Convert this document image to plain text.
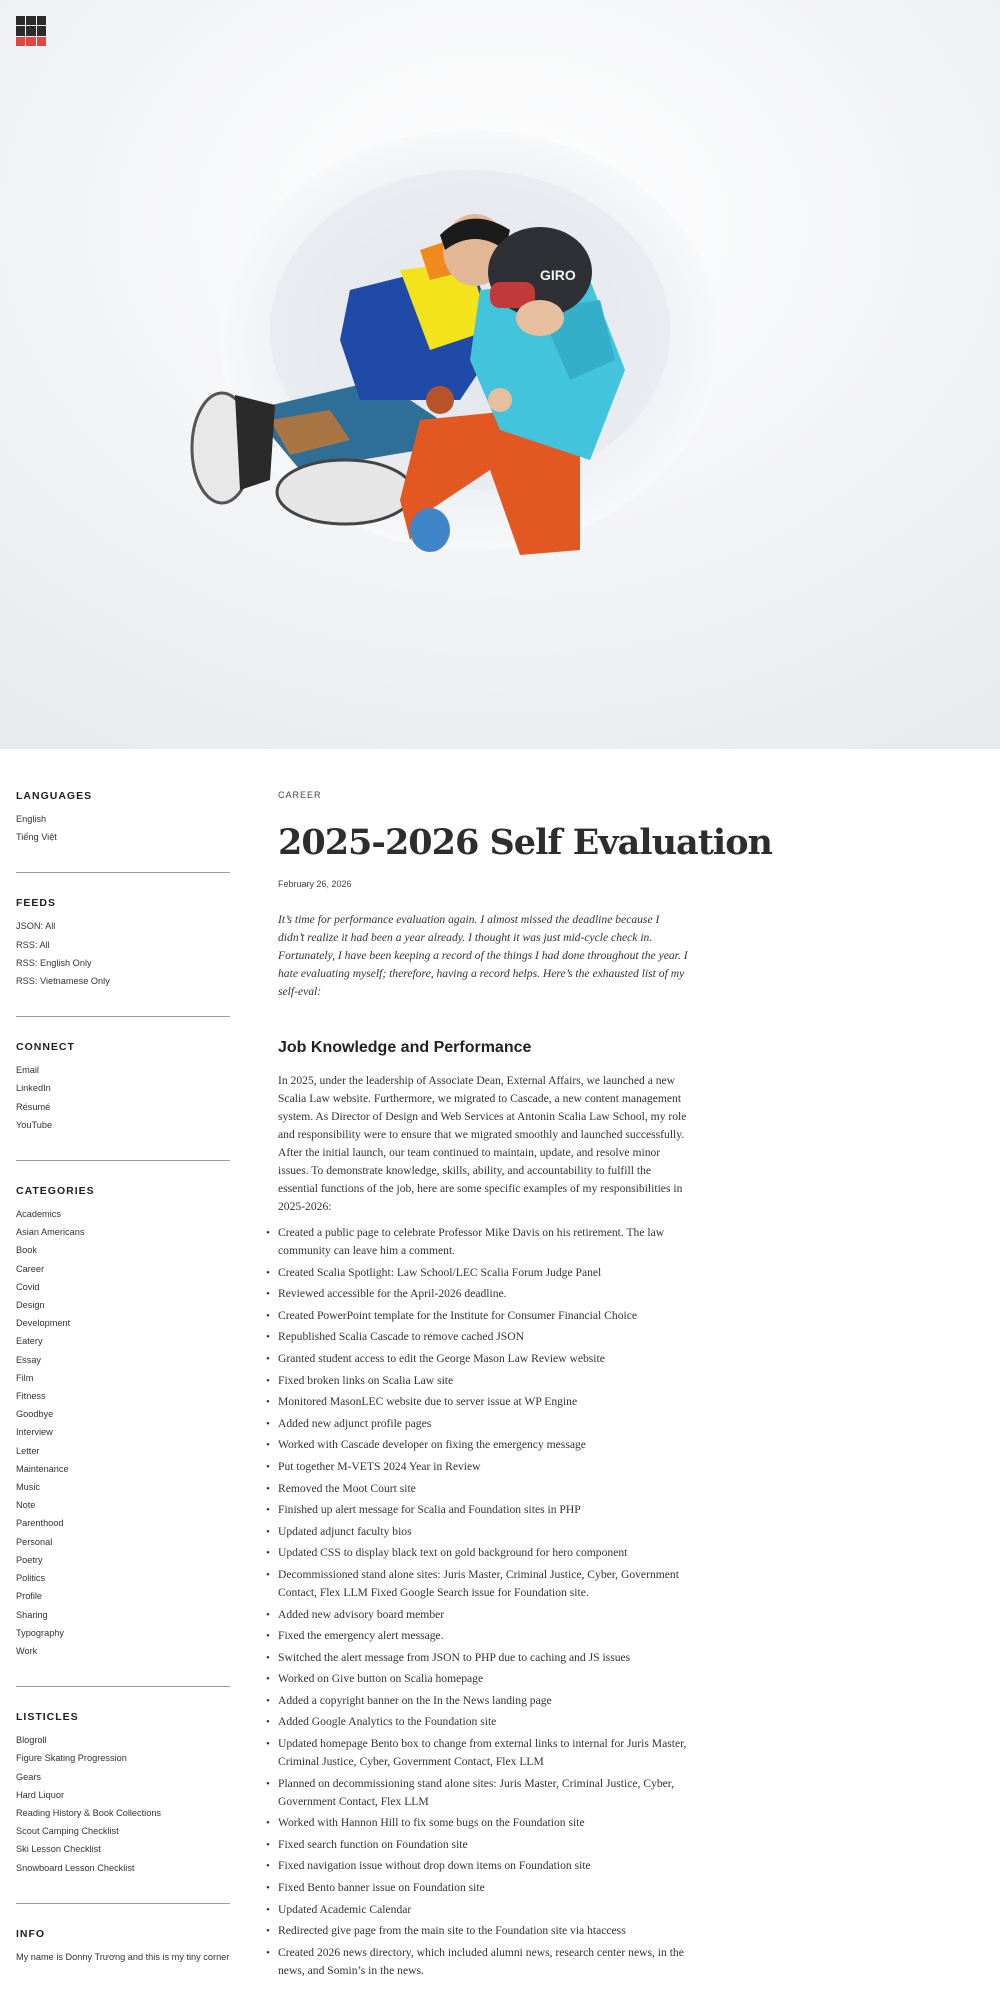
GIRO
LANGUAGES
English
Tiếng Việt
FEEDS
JSON: All
RSS: All
RSS: English Only
RSS: Vietnamese Only
CONNECT
Email
LinkedIn
Résumé
YouTube
CATEGORIES
Academics
Asian Americans
Book
Career
Covid
Design
Development
Eatery
Essay
Film
Fitness
Goodbye
Interview
Letter
Maintenance
Music
Note
Parenthood
Personal
Poetry
Politics
Profile
Sharing
Typography
Work
LISTICLES
Blogroll
Figure Skating Progression
Gears
Hard Liquor
Reading History & Book Collections
Scout Camping Checklist
Ski Lesson Checklist
Snowboard Lesson Checklist
INFO
My name is Donny Trương and this is my tiny corner
CAREER
2025-2026 Self Evaluation
February 26, 2026

It’s time for performance evaluation again. I almost missed the deadline because I didn’t realize it had been a year already. I thought it was just mid-cycle check in. Fortunately, I have been keeping a record of the things I had done throughout the year. I hate evaluating myself; therefore, having a record helps. Here’s the exhausted list of my self-eval:

Job Knowledge and Performance

In 2025, under the leadership of Associate Dean, External Affairs, we launched a new Scalia Law website. Furthermore, we migrated to Cascade, a new content management system. As Director of Design and Web Services at Antonin Scalia Law School, my role and responsibility were to ensure that we migrated smoothly and launched successfully. After the initial launch, our team continued to maintain, update, and resolve minor issues. To demonstrate knowledge, skills, ability, and accountability to fulfill the essential functions of the job, here are some specific examples of my responsibilities in 2025-2026:

• Created a public page to celebrate Professor Mike Davis on his retirement. The law community can leave him a comment.
• Created Scalia Spotlight: Law School/LEC Scalia Forum Judge Panel
• Reviewed accessible for the April-2026 deadline.
• Created PowerPoint template for the Institute for Consumer Financial Choice
• Republished Scalia Cascade to remove cached JSON
• Granted student access to edit the George Mason Law Review website
• Fixed broken links on Scalia Law site
• Monitored MasonLEC website due to server issue at WP Engine
• Added new adjunct profile pages
• Worked with Cascade developer on fixing the emergency message
• Put together M-VETS 2024 Year in Review
• Removed the Moot Court site
• Finished up alert message for Scalia and Foundation sites in PHP
• Updated adjunct faculty bios
• Updated CSS to display black text on gold background for hero component
• Decommissioned stand alone sites: Juris Master, Criminal Justice, Cyber, Government Contact, Flex LLM Fixed Google Search issue for Foundation site.
• Added new advisory board member
• Fixed the emergency alert message.
• Switched the alert message from JSON to PHP due to caching and JS issues
• Worked on Give button on Scalia homepage
• Added a copyright banner on the In the News landing page
• Added Google Analytics to the Foundation site
• Updated homepage Bento box to change from external links to internal for Juris Master, Criminal Justice, Cyber, Government Contact, Flex LLM
• Planned on decommissioning stand alone sites: Juris Master, Criminal Justice, Cyber, Government Contact, Flex LLM
• Worked with Hannon Hill to fix some bugs on the Foundation site
• Fixed search function on Foundation site
• Fixed navigation issue without drop down items on Foundation site
• Fixed Bento banner issue on Foundation site
• Updated Academic Calendar
• Redirected give page from the main site to the Foundation site via htaccess
• Created 2026 news directory, which included alumni news, research center news, in the news, and Somin’s in the news.
